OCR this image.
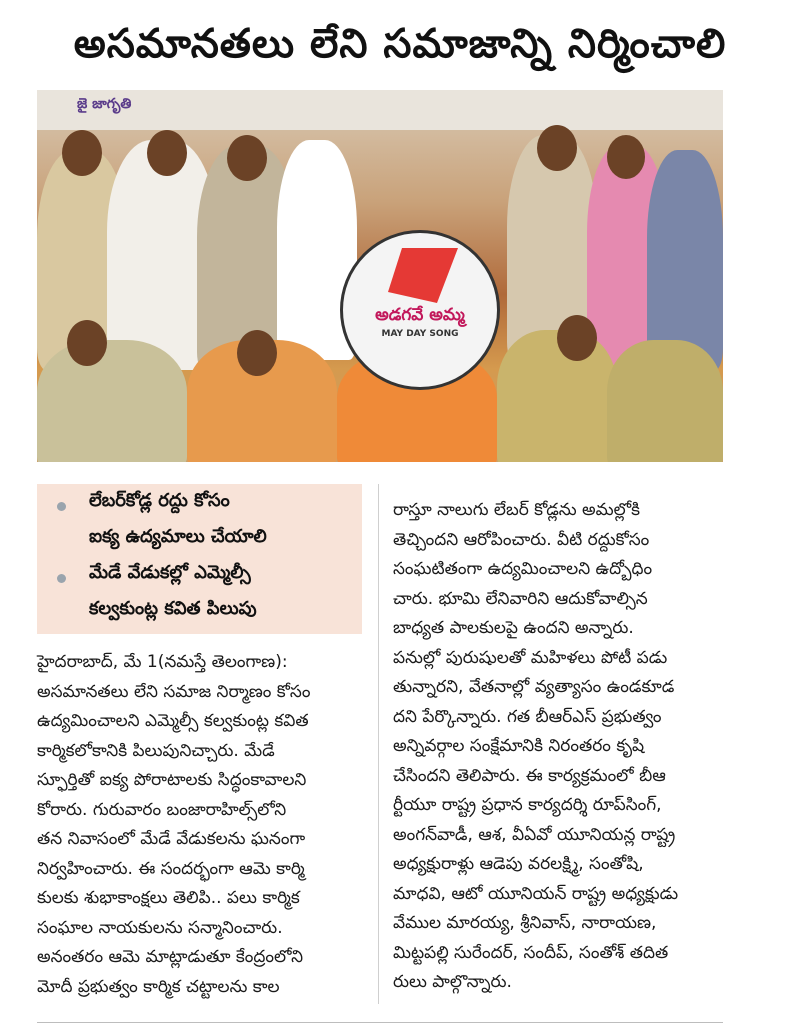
అసమానతలు లేని సమాజాన్ని నిర్మించాలి
జై జాగృతి
అడగవే అమ్మ
MAY DAY SONG
లేబర్‌కోడ్ల రద్దు కోసం
ఐక్య ఉద్యమాలు చేయాలి
మేడే వేడుకల్లో ఎమ్మెల్సీ
కల్వకుంట్ల కవిత పిలుపు

హైదరాబాద్, మే 1(నమస్తే తెలంగాణ):

అసమానతలు లేని సమాజ నిర్మాణం కోసం

ఉద్యమించాలని ఎమ్మెల్సీ కల్వకుంట్ల కవిత

కార్మికలోకానికి పిలుపునిచ్చారు. మేడే

స్ఫూర్తితో ఐక్య పోరాటాలకు సిద్ధంకావాలని

కోరారు. గురువారం బంజారాహిల్స్‌లోని

తన నివాసంలో మేడే వేడుకలను ఘనంగా

నిర్వహించారు. ఈ సందర్భంగా ఆమె కార్మి

కులకు శుభాకాంక్షలు తెలిపి.. పలు కార్మిక

సంఘాల నాయకులను సన్మానించారు.

అనంతరం ఆమె మాట్లాడుతూ కేంద్రంలోని

మోదీ ప్రభుత్వం కార్మిక చట్టాలను కాల

రాస్తూ నాలుగు లేబర్ కోడ్లను అమల్లోకి

తెచ్చిందని ఆరోపించారు. వీటి రద్దుకోసం

సంఘటితంగా ఉద్యమించాలని ఉద్బోధిం

చారు. భూమి లేనివారిని ఆదుకోవాల్సిన

బాధ్యత పాలకులపై ఉందని అన్నారు.

పనుల్లో పురుషులతో మహిళలు పోటీ పడు

తున్నారని, వేతనాల్లో వ్యత్యాసం ఉండకూడ

దని పేర్కొన్నారు. గత బీఆర్‌ఎస్ ప్రభుత్వం

అన్నివర్గాల సంక్షేమానికి నిరంతరం కృషి

చేసిందని తెలిపారు. ఈ కార్యక్రమంలో బీఆ

ర్టీయూ రాష్ట్ర ప్రధాన కార్యదర్శి రూప్‌సింగ్,

అంగన్‌వాడీ, ఆశ, వీఏవో యూనియన్ల రాష్ట్ర

అధ్యక్షురాళ్లు ఆడెపు వరలక్ష్మి, సంతోషి,

మాధవి, ఆటో యూనియన్ రాష్ట్ర అధ్యక్షుడు

వేముల మారయ్య, శ్రీనివాస్, నారాయణ,

మిట్టపల్లి సురేందర్, సందీప్, సంతోశ్ తదిత

రులు పాల్గొన్నారు.
